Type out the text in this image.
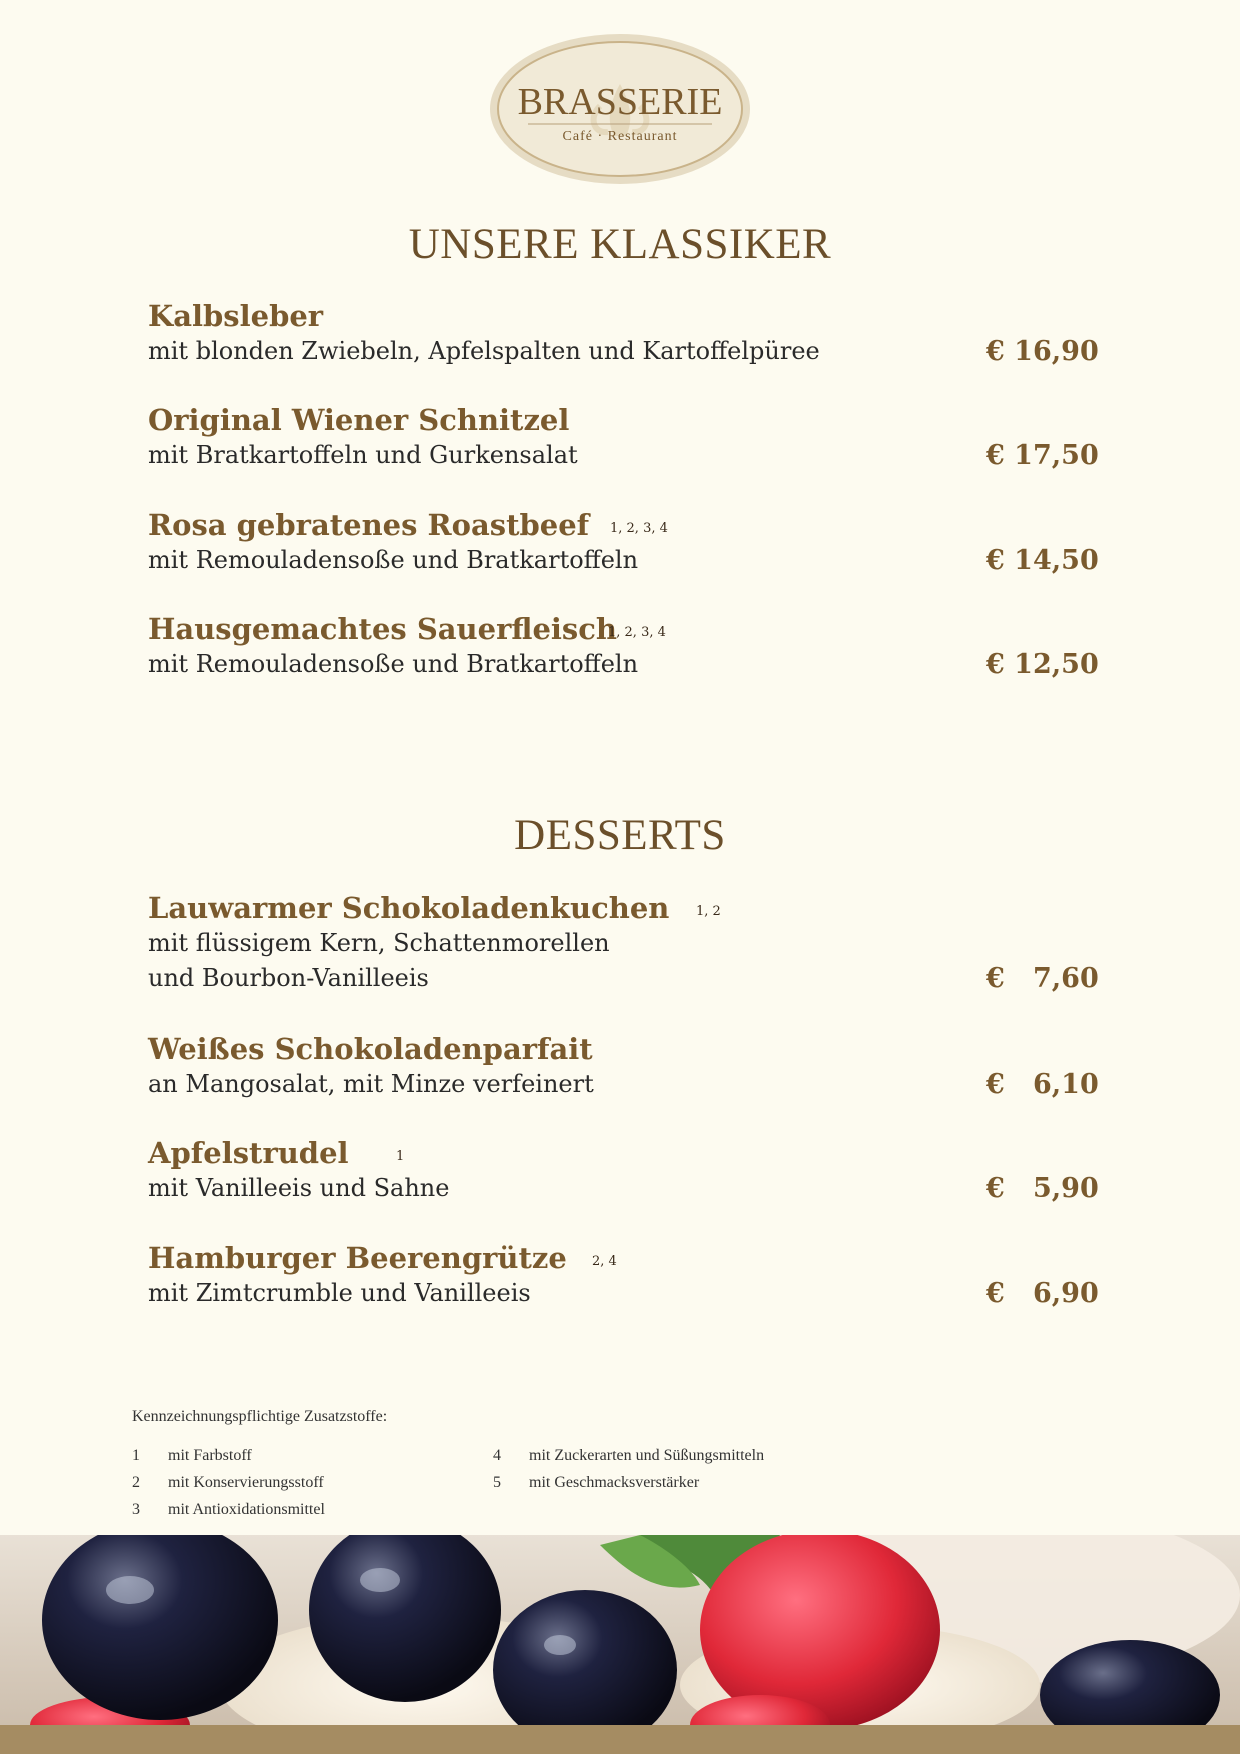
BRASSERIE
Café · Restaurant
UNSERE KLASSIKER
Kalbsleber
mit blonden Zwiebeln, Apfelspalten und Kartoffelpüree	€ 16,90
Original Wiener Schnitzel
mit Bratkartoffeln und Gurkensalat	€ 17,50
Rosa gebratenes Roastbeef	1, 2, 3, 4
mit Remouladensoße und Bratkartoffeln	€ 14,50
Hausgemachtes Sauerfleisch
1, 2, 3, 4
mit Remouladensoße und Bratkartoffeln	€ 12,50
DESSERTS
Lauwarmer Schokoladenkuchen	1, 2
mit flüssigem Kern, Schattenmorellen
und Bourbon-Vanilleeis	€   7,60
Weißes Schokoladenparfait
an Mangosalat, mit Minze verfeinert	€   6,10
Apfelstrudel	1
mit Vanilleeis und Sahne	€   5,90
Hamburger Beerengrütze	2, 4
mit Zimtcrumble und Vanilleeis	€   6,90
Kennzeichnungspflichtige Zusatzstoffe:
1 mit Farbstoff
2 mit Konservierungsstoff
3 mit Antioxidationsmittel
4 mit Zuckerarten und Süßungsmitteln
5 mit Geschmacksverstärker
